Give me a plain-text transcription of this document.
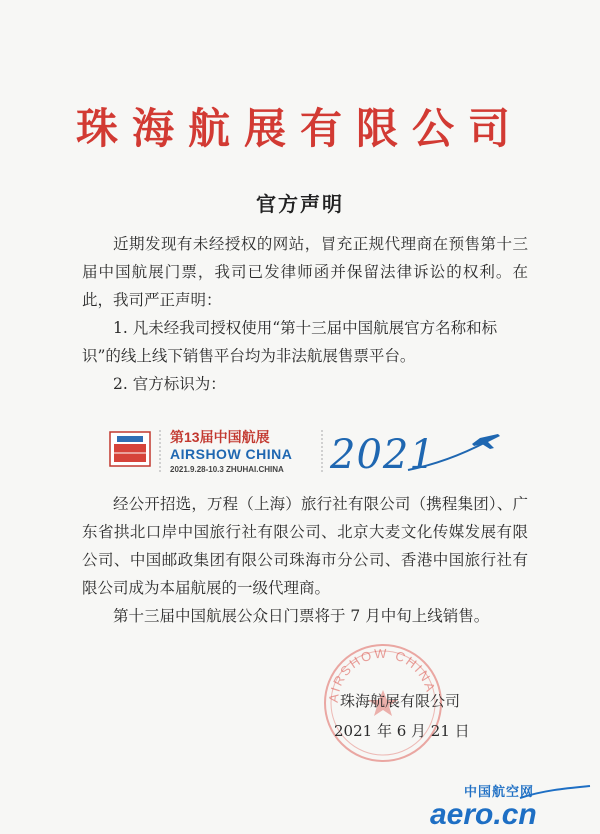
珠海航展有限公司
官方声明
近期发现有未经授权的网站，冒充正规代理商在预售第十三届中国航展门票，我司已发律师函并保留法律诉讼的权利。在此，我司严正声明：
1. 凡未经我司授权使用“第十三届中国航展官方名称和标识”的线上线下销售平台均为非法航展售票平台。
2. 官方标识为：
第13届中国航展
AIRSHOW CHINA
2021.9.28-10.3 ZHUHAI.CHINA 2021
经公开招选，万程（上海）旅行社有限公司（携程集团）、广东省拱北口岸中国旅行社有限公司、北京大麦文化传媒发展有限公司、中国邮政集团有限公司珠海市分公司、香港中国旅行社有限公司成为本届航展的一级代理商。
第十三届中国航展公众日门票将于 7 月中旬上线销售。
AIRSHOW CHINA
珠海航展有限公司
2021 年 6 月 21 日
中国航空网
aero.cn
